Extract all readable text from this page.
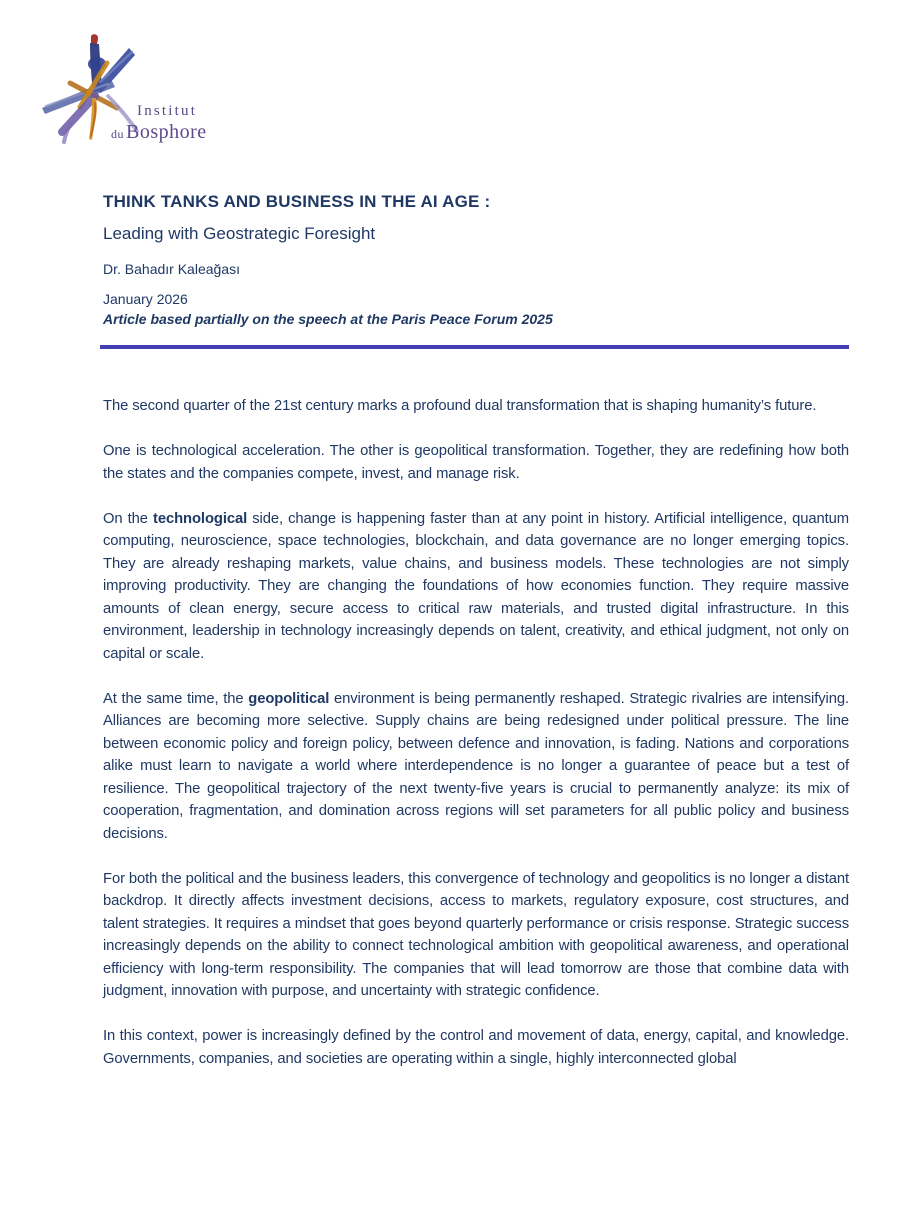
Institut
du Bosphore
THINK TANKS AND BUSINESS IN THE AI AGE :
Leading with Geostrategic Foresight
Dr. Bahadır Kaleağası
January 2026
Article based partially on the speech at the Paris Peace Forum 2025

The second quarter of the 21st century marks a profound dual transformation that is shaping humanity’s future.

One is technological acceleration. The other is geopolitical transformation. Together, they are redefining how both the states and the companies compete, invest, and manage risk.

On the technological side, change is happening faster than at any point in history. Artificial intelligence, quantum computing, neuroscience, space technologies, blockchain, and data governance are no longer emerging topics. They are already reshaping markets, value chains, and business models. These technologies are not simply improving productivity. They are changing the foundations of how economies function. They require massive amounts of clean energy, secure access to critical raw materials, and trusted digital infrastructure. In this environment, leadership in technology increasingly depends on talent, creativity, and ethical judgment, not only on capital or scale.

At the same time, the geopolitical environment is being permanently reshaped. Strategic rivalries are intensifying. Alliances are becoming more selective. Supply chains are being redesigned under political pressure. The line between economic policy and foreign policy, between defence and innovation, is fading. Nations and corporations alike must learn to navigate a world where interdependence is no longer a guarantee of peace but a test of resilience. The geopolitical trajectory of the next twenty-five years is crucial to permanently analyze: its mix of cooperation, fragmentation, and domination across regions will set parameters for all public policy and business decisions.

For both the political and the business leaders, this convergence of technology and geopolitics is no longer a distant backdrop. It directly affects investment decisions, access to markets, regulatory exposure, cost structures, and talent strategies. It requires a mindset that goes beyond quarterly performance or crisis response. Strategic success increasingly depends on the ability to connect technological ambition with geopolitical awareness, and operational efficiency with long-term responsibility. The companies that will lead tomorrow are those that combine data with judgment, innovation with purpose, and uncertainty with strategic confidence.

In this context, power is increasingly defined by the control and movement of data, energy, capital, and knowledge. Governments, companies, and societies are operating within a single, highly interconnected global
